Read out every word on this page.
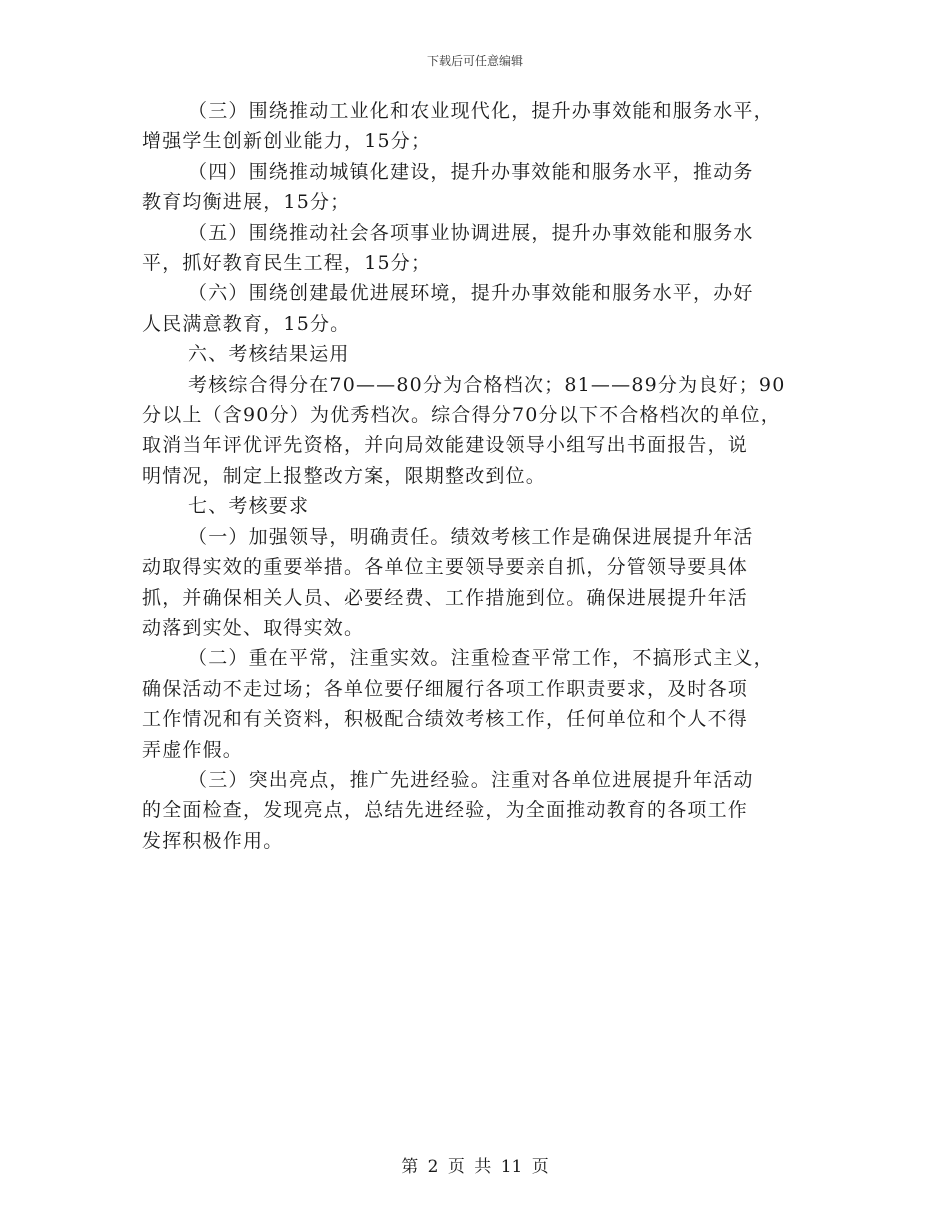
下载后可任意编辑

（三）围绕推动工业化和农业现代化，提升办事效能和服务水平，
增强学生创新创业能力，15分；
（四）围绕推动城镇化建设，提升办事效能和服务水平，推动务
教育均衡进展，15分；
（五）围绕推动社会各项事业协调进展，提升办事效能和服务水
平，抓好教育民生工程，15分；
（六）围绕创建最优进展环境，提升办事效能和服务水平，办好
人民满意教育，15分。
六、考核结果运用
考核综合得分在70——80分为合格档次；81——89分为良好；90
分以上（含90分）为优秀档次。综合得分70分以下不合格档次的单位，
取消当年评优评先资格，并向局效能建设领导小组写出书面报告，说
明情况，制定上报整改方案，限期整改到位。
七、考核要求
（一）加强领导，明确责任。绩效考核工作是确保进展提升年活
动取得实效的重要举措。各单位主要领导要亲自抓，分管领导要具体
抓，并确保相关人员、必要经费、工作措施到位。确保进展提升年活
动落到实处、取得实效。
（二）重在平常，注重实效。注重检查平常工作，不搞形式主义，
确保活动不走过场；各单位要仔细履行各项工作职责要求，及时各项
工作情况和有关资料，积极配合绩效考核工作，任何单位和个人不得
弄虚作假。
（三）突出亮点，推广先进经验。注重对各单位进展提升年活动
的全面检查，发现亮点，总结先进经验，为全面推动教育的各项工作
发挥积极作用。

第 2 页 共 11 页
